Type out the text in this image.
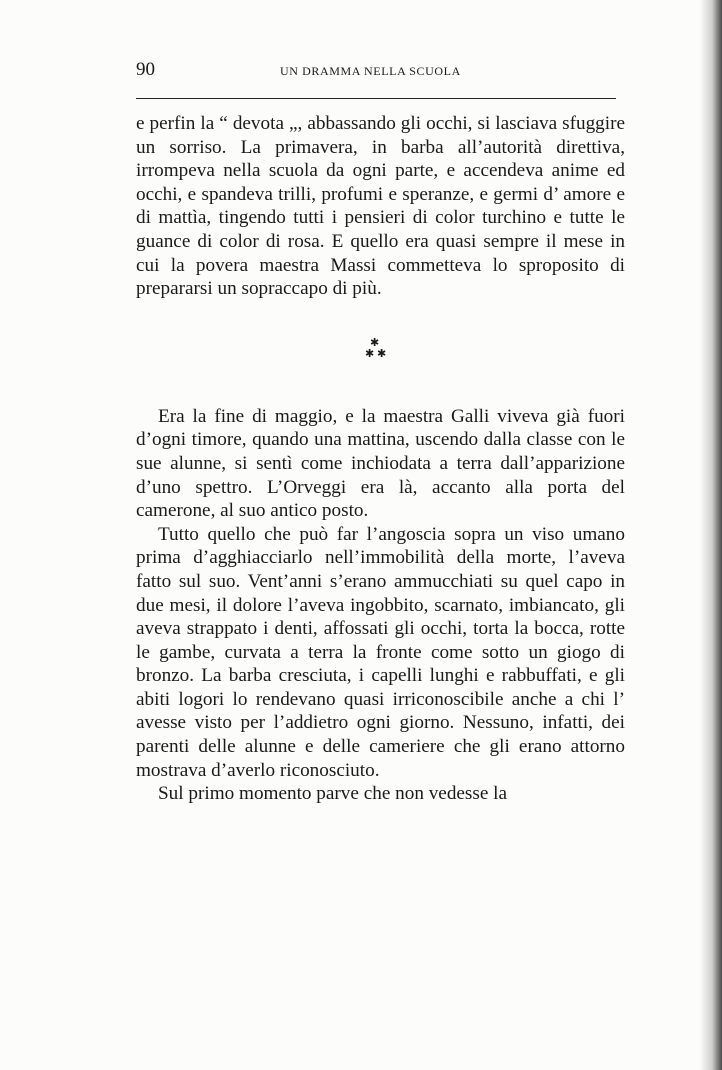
90	UN DRAMMA NELLA SCUOLA

e perfin la “ devota „, abbassando gli occhi, si lasciava sfuggire un sorriso. La primavera, in barba all’autorità direttiva, irrompeva nella scuola da ogni parte, e accendeva anime ed occhi, e spandeva trilli, profumi e speranze, e germi d’ amore e di mattìa, tingendo tutti i pensieri di color turchino e tutte le guance di color di rosa. E quello era quasi sempre il mese in cui la povera maestra Massi commetteva lo sproposito di prepararsi un sopraccapo di più.

✱
✱ ✱

Era la fine di maggio, e la maestra Galli viveva già fuori d’ogni timore, quando una mattina, uscendo dalla classe con le sue alunne, si sentì come inchiodata a terra dall’apparizione d’uno spettro. L’Orveggi era là, accanto alla porta del camerone, al suo antico posto.

Tutto quello che può far l’angoscia sopra un viso umano prima d’agghiacciarlo nell’immobilità della morte, l’aveva fatto sul suo. Vent’anni s’erano ammucchiati su quel capo in due mesi, il dolore l’aveva ingobbito, scarnato, imbiancato, gli aveva strappato i denti, affossati gli occhi, torta la bocca, rotte le gambe, curvata a terra la fronte come sotto un giogo di bronzo. La barba cresciuta, i capelli lunghi e rabbuffati, e gli abiti logori lo rendevano quasi irriconoscibile anche a chi l’ avesse visto per l’addietro ogni giorno. Nessuno, infatti, dei parenti delle alunne e delle cameriere che gli erano attorno mostrava d’averlo riconosciuto.

Sul primo momento parve che non vedesse la
